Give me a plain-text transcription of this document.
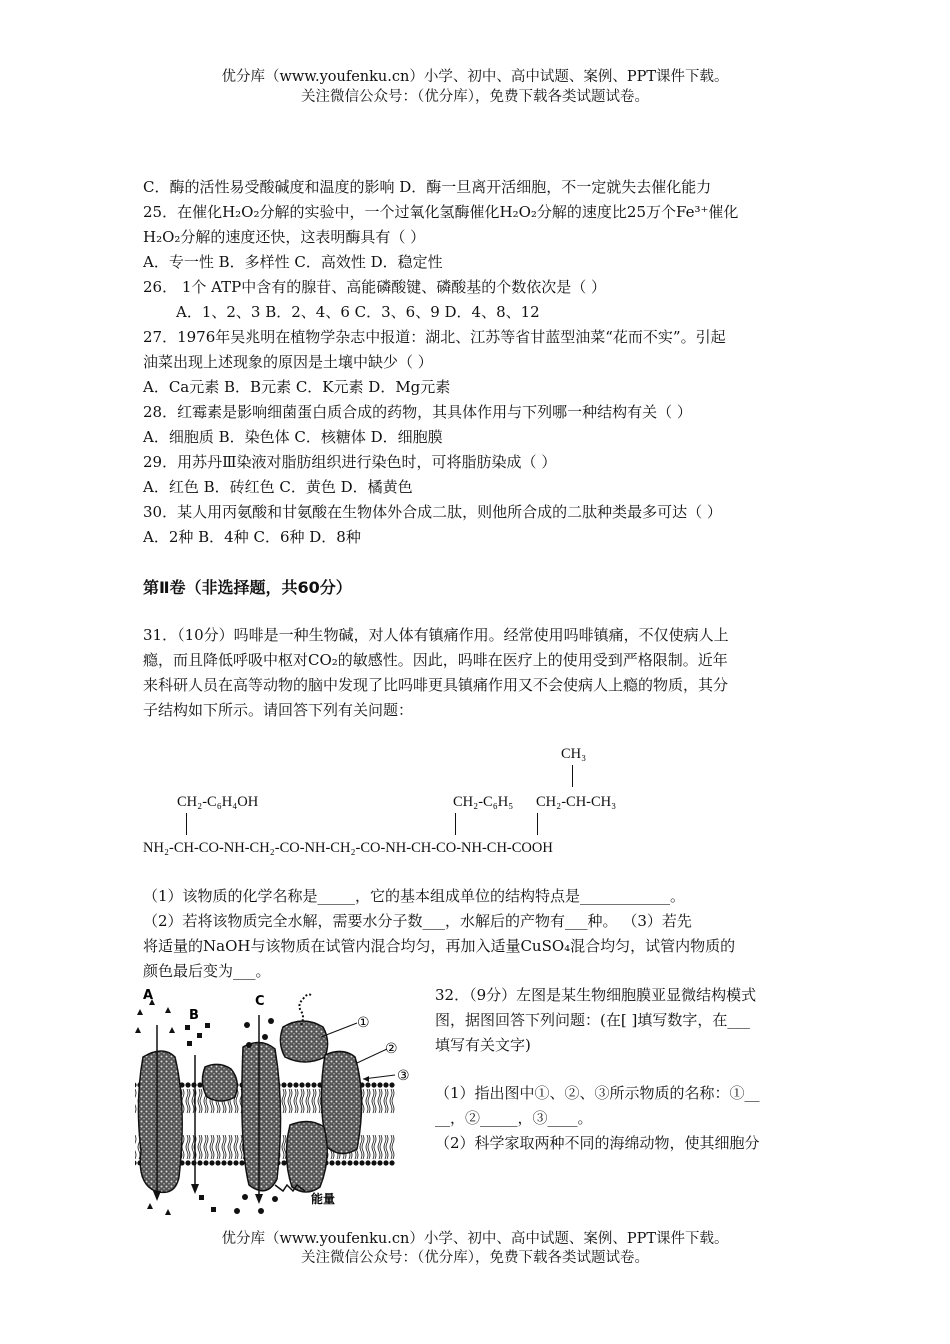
优分库（www.youfenku.cn）小学、初中、高中试题、案例、PPT课件下载。
关注微信公众号：（优分库），免费下载各类试题试卷。
C．酶的活性易受酸碱度和温度的影响 D．酶一旦离开活细胞，不一定就失去催化能力
25．在催化H₂O₂分解的实验中，一个过氧化氢酶催化H₂O₂分解的速度比25万个Fe³⁺催化
H₂O₂分解的速度还快，这表明酶具有（ ）
A．专一性 B．多样性 C．高效性 D．稳定性
26． 1个 ATP中含有的腺苷、高能磷酸键、磷酸基的个数依次是（ ）
A．1、2、3 B．2、4、6 C．3、6、9 D．4、8、12
27．1976年吴兆明在植物学杂志中报道：湖北、江苏等省甘蓝型油菜“花而不实”。引起
油菜出现上述现象的原因是土壤中缺少（ ）
A．Ca元素 B．B元素 C．K元素 D．Mg元素
28．红霉素是影响细菌蛋白质合成的药物，其具体作用与下列哪一种结构有关（ ）
A．细胞质 B．染色体 C．核糖体 D．细胞膜
29．用苏丹Ⅲ染液对脂肪组织进行染色时，可将脂肪染成（ ）
A．红色 B．砖红色 C．黄色 D．橘黄色
30．某人用丙氨酸和甘氨酸在生物体外合成二肽，则他所合成的二肽种类最多可达（ ）
A．2种 B．4种 C．6种 D．8种
第Ⅱ卷（非选择题，共60分）
31．（10分）吗啡是一种生物碱，对人体有镇痛作用。经常使用吗啡镇痛，不仅使病人上
瘾，而且降低呼吸中枢对CO₂的敏感性。因此，吗啡在医疗上的使用受到严格限制。近年
来科研人员在高等动物的脑中发现了比吗啡更具镇痛作用又不会使病人上瘾的物质，其分
子结构如下所示。请回答下列有关问题：
CH₃
CH₂-C₆H₄OH	CH₂-C₆H₅ CH₂-CH-CH₃
NH₂-CH-CO-NH-CH₂-CO-NH-CH₂-CO-NH-CH-CO-NH-CH-COOH
（1）该物质的化学名称是_____，它的基本组成单位的结构特点是____________。
（2）若将该物质完全水解，需要水分子数___，水解后的产物有___种。 （3）若先
将适量的NaOH与该物质在试管内混合均匀，再加入适量CuSO₄混合均匀，试管内物质的
颜色最后变为___。
A
B
C
①
②
③
能量
32．（9分）左图是某生物细胞膜亚显微结构模式
图，据图回答下列问题：(在[ ]填写数字，在___
填写有关文字)
（1）指出图中①、②、③所示物质的名称：①__
__，②_____，③____。
（2）科学家取两种不同的海绵动物，使其细胞分
优分库（www.youfenku.cn）小学、初中、高中试题、案例、PPT课件下载。
关注微信公众号：（优分库），免费下载各类试题试卷。
